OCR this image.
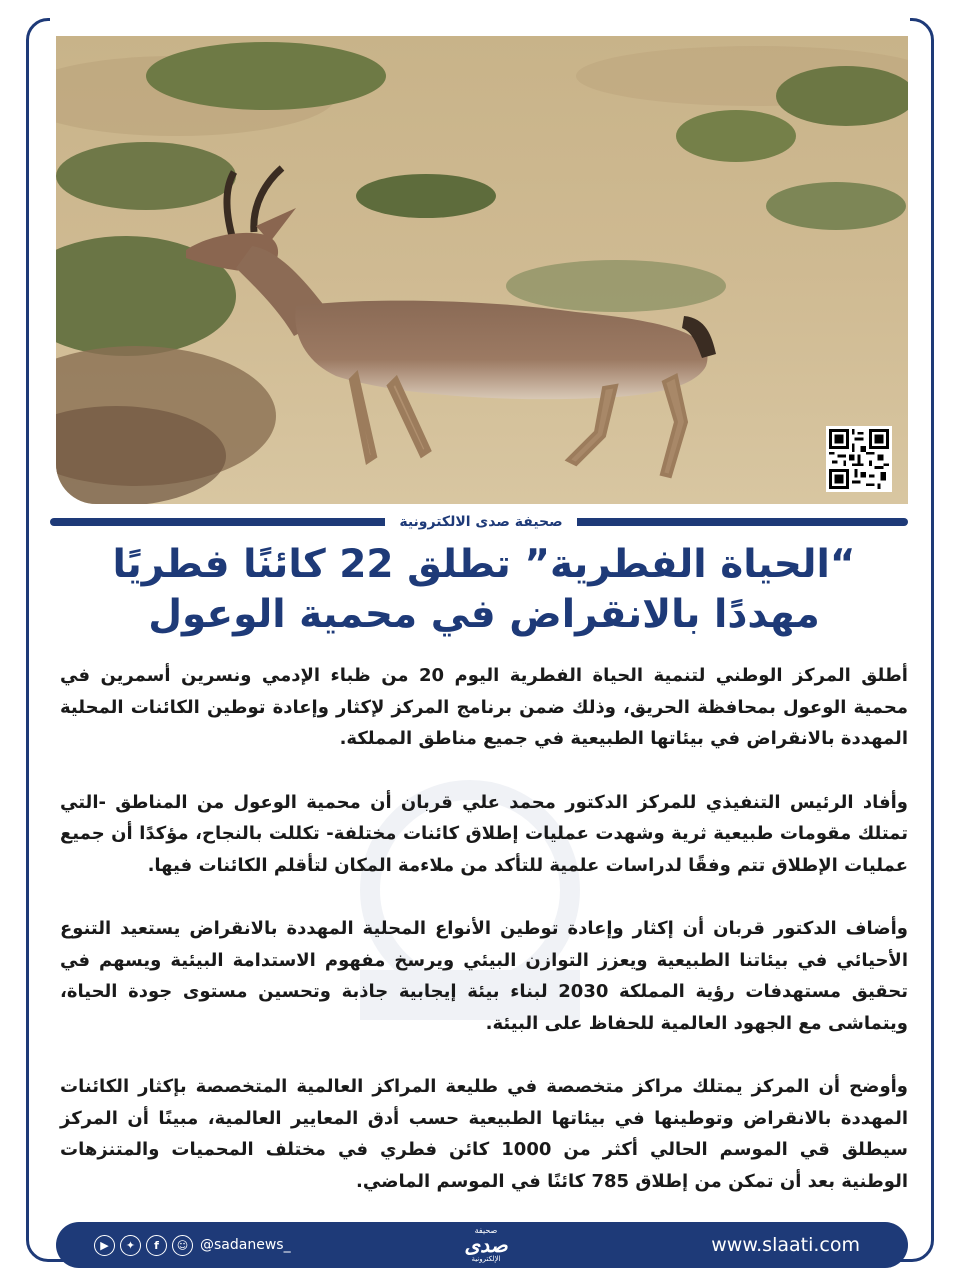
صحيفة صدى الالكترونية
“الحياة الفطرية” تطلق 22 كائنًا فطريًا مهددًا بالانقراض في محمية الوعول

أطلق المركز الوطني لتنمية الحياة الفطرية اليوم 20 من ظباء الإدمي ونسرين أسمرين في محمية الوعول بمحافظة الحريق، وذلك ضمن برنامج المركز لإكثار وإعادة توطين الكائنات المحلية المهددة بالانقراض في بيئاتها الطبيعية في جميع مناطق المملكة.

وأفاد الرئيس التنفيذي للمركز الدكتور محمد علي قربان أن محمية الوعول من المناطق -التي تمتلك مقومات طبيعية ثرية وشهدت عمليات إطلاق كائنات مختلفة- تكللت بالنجاح، مؤكدًا أن جميع عمليات الإطلاق تتم وفقًا لدراسات علمية للتأكد من ملاءمة المكان لتأقلم الكائنات فيها.

وأضاف الدكتور قربان أن إكثار وإعادة توطين الأنواع المحلية المهددة بالانقراض يستعيد التنوع الأحيائي في بيئاتنا الطبيعية ويعزز التوازن البيئي ويرسخ مفهوم الاستدامة البيئية ويسهم في تحقيق مستهدفات رؤية المملكة 2030 لبناء بيئة إيجابية جاذبة وتحسين مستوى جودة الحياة، ويتماشى مع الجهود العالمية للحفاظ على البيئة.

وأوضح أن المركز يمتلك مراكز متخصصة في طليعة المراكز العالمية المتخصصة بإكثار الكائنات المهددة بالانقراض وتوطينها في بيئاتها الطبيعية حسب أدق المعايير العالمية، مبينًا أن المركز سيطلق قي الموسم الحالي أكثر من 1000 كائن فطري في مختلف المحميات والمتنزهات الوطنية بعد أن تمكن من إطلاق 785 كائنًا في الموسم الماضي.

▶	✦	f	☺ @sadanews_
صحيفة
صدى
الإلكترونية
www.slaati.com
